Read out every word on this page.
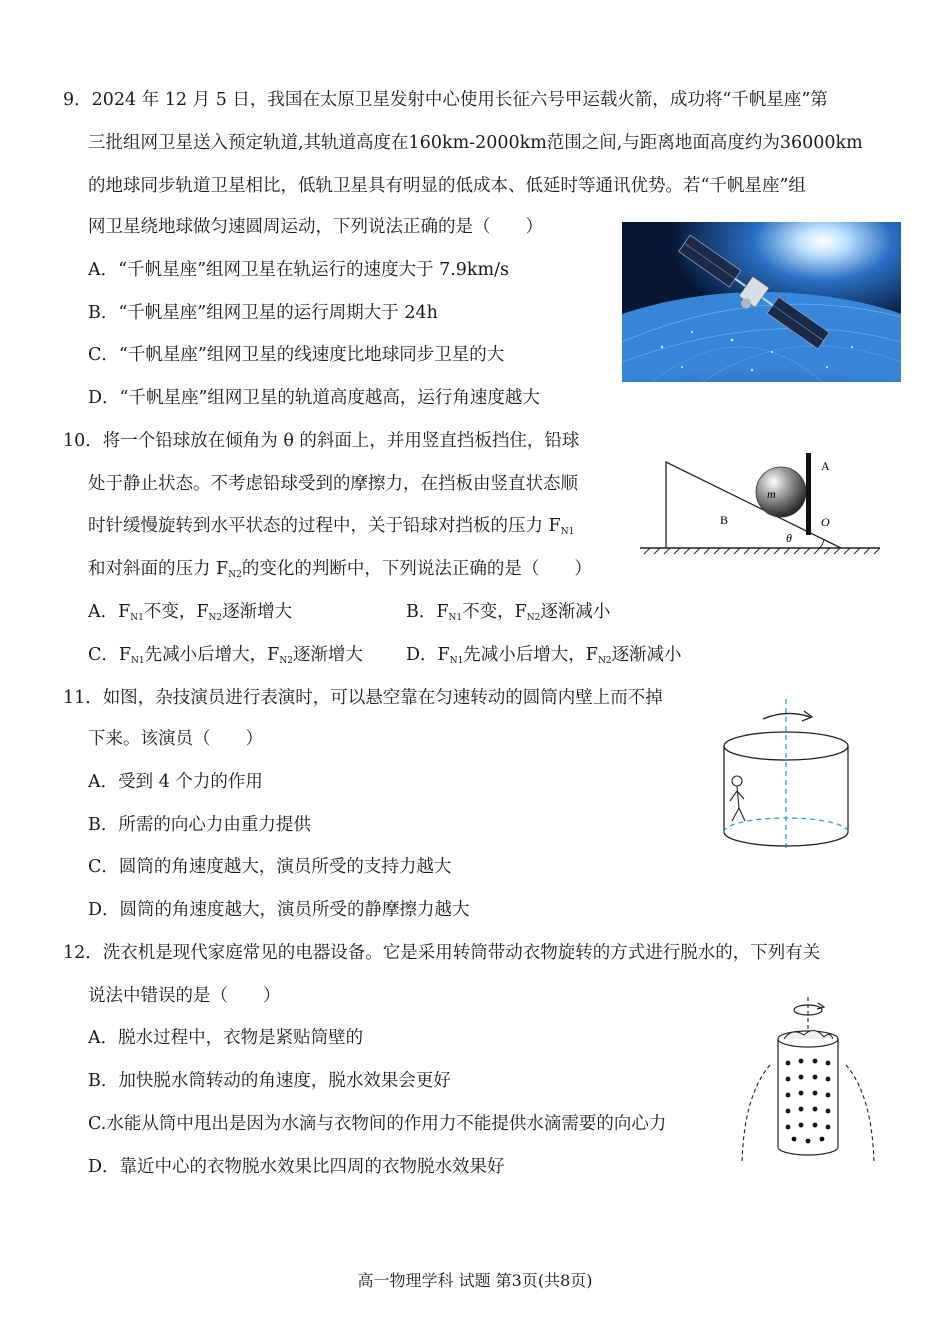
9．2024 年 12 月 5 日，我国在太原卫星发射中心使用长征六号甲运载火箭，成功将“千帆星座”第
三批组网卫星送入预定轨道,其轨道高度在160km-2000km范围之间,与距离地面高度约为36000km
的地球同步轨道卫星相比，低轨卫星具有明显的低成本、低延时等通讯优势。若“千帆星座”组
网卫星绕地球做匀速圆周运动，下列说法正确的是（　　）
A．“千帆星座”组网卫星在轨运行的速度大于 7.9km/s
B．“千帆星座”组网卫星的运行周期大于 24h
C．“千帆星座”组网卫星的线速度比地球同步卫星的大
D．“千帆星座”组网卫星的轨道高度越高，运行角速度越大
10．将一个铅球放在倾角为 θ 的斜面上，并用竖直挡板挡住，铅球
处于静止状态。不考虑铅球受到的摩擦力，在挡板由竖直状态顺
时针缓慢旋转到水平状态的过程中，关于铅球对挡板的压力 $F_{N1}$
和对斜面的压力 $F_{N2}$的变化的判断中，下列说法正确的是（　　）
A．$F_{N1}$不变，$F_{N2}$逐渐增大	B．$F_{N1}$不变，$F_{N2}$逐渐减小
C．$F_{N1}$先减小后增大，$F_{N2}$逐渐增大 D．$F_{N1}$先减小后增大，$F_{N2}$逐渐减小
A
m
B	O
θ
11．如图，杂技演员进行表演时，可以悬空靠在匀速转动的圆筒内壁上而不掉
下来。该演员（　　）
A．受到 4 个力的作用
B．所需的向心力由重力提供
C．圆筒的角速度越大，演员所受的支持力越大
D．圆筒的角速度越大，演员所受的静摩擦力越大
12．洗衣机是现代家庭常见的电器设备。它是采用转筒带动衣物旋转的方式进行脱水的，下列有关
说法中错误的是（　　）
A．脱水过程中，衣物是紧贴筒壁的
B．加快脱水筒转动的角速度，脱水效果会更好
C.水能从筒中甩出是因为水滴与衣物间的作用力不能提供水滴需要的向心力
D．靠近中心的衣物脱水效果比四周的衣物脱水效果好
高一物理学科 试题 第3页(共8页)
